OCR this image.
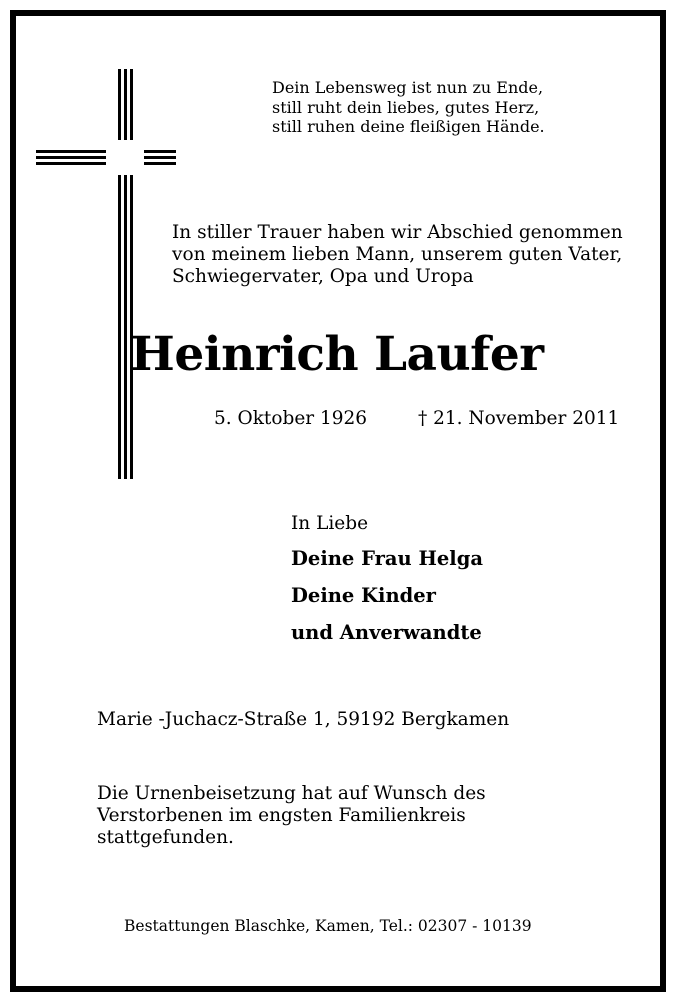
Dein Lebensweg ist nun zu Ende,
still ruht dein liebes, gutes Herz,
still ruhen deine fleißigen Hände.
In stiller Trauer haben wir Abschied genommen
von meinem lieben Mann, unserem guten Vater,
Schwiegervater, Opa und Uropa
Heinrich Laufer
5. Oktober 1926	† 21. November 2011
In Liebe
Deine Frau Helga
Deine Kinder
und Anverwandte
Marie -Juchacz-Straße 1, 59192 Bergkamen
Die Urnenbeisetzung hat auf Wunsch des
Verstorbenen im engsten Familienkreis
stattgefunden.
Bestattungen Blaschke, Kamen, Tel.: 02307 - 10139
